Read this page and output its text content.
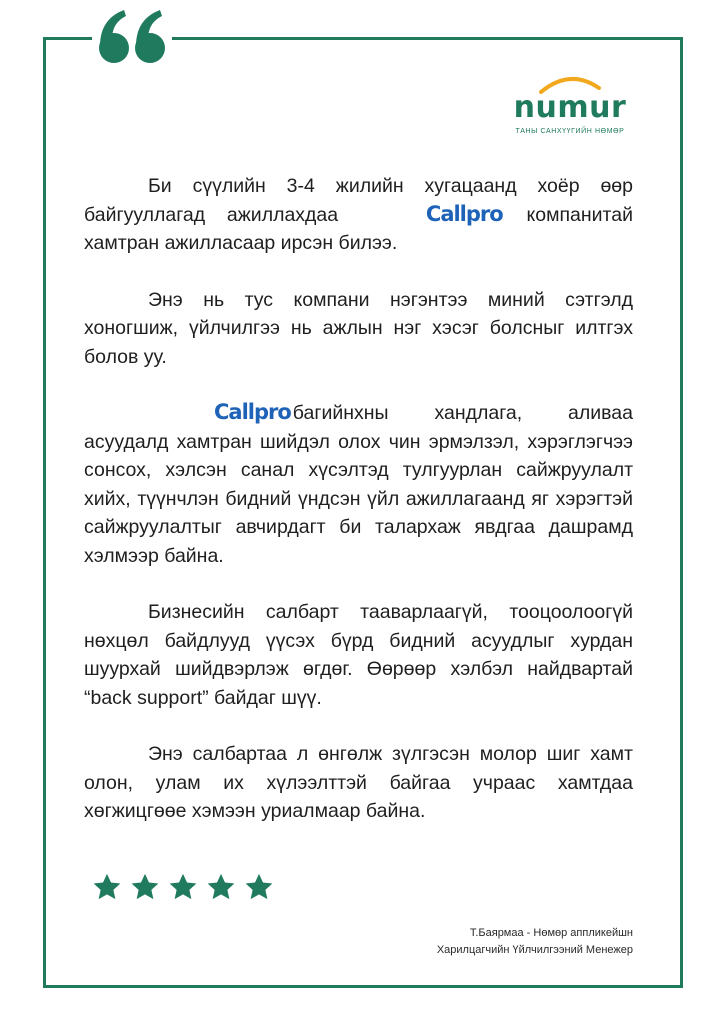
numur
ТАНЫ САНХҮҮГИЙН НӨМӨР

Би сүүлийн 3-4 жилийн хугацаанд хоёр өөр байгууллагад ажиллахдаа	Callpro компанитай хамтран ажилласаар ирсэн билээ.

Энэ нь тус компани нэгэнтээ миний сэтгэлд хоногшиж, үйлчилгээ нь ажлын нэг хэсэг болсныг илтгэх болов уу.

Callpro багийнхны хандлага, аливаа асуудалд хамтран шийдэл олох чин эрмэлзэл, хэрэглэгчээ сонсох, хэлсэн санал хүсэлтэд тулгуурлан сайжруулалт хийх, түүнчлэн бидний үндсэн үйл ажиллагаанд яг хэрэгтэй сайжруулалтыг авчирдагт би талархаж явдгаа дашрамд хэлмээр байна.

Бизнесийн салбарт тааварлаагүй, тооцоолоогүй нөхцөл байдлууд үүсэх бүрд бидний асуудлыг хурдан шуурхай шийдвэрлэж өгдөг. Өөрөөр хэлбэл найдвартай “back support” байдаг шүү.

Энэ салбартаа л өнгөлж зүлгэсэн молор шиг хамт олон, улам их хүлээлттэй байгаа учраас хамтдаа хөгжицгөөе хэмээн уриалмаар байна.

Т.Баярмаа - Нөмөр аппликейшн
Харилцагчийн Үйлчилгээний Менежер
